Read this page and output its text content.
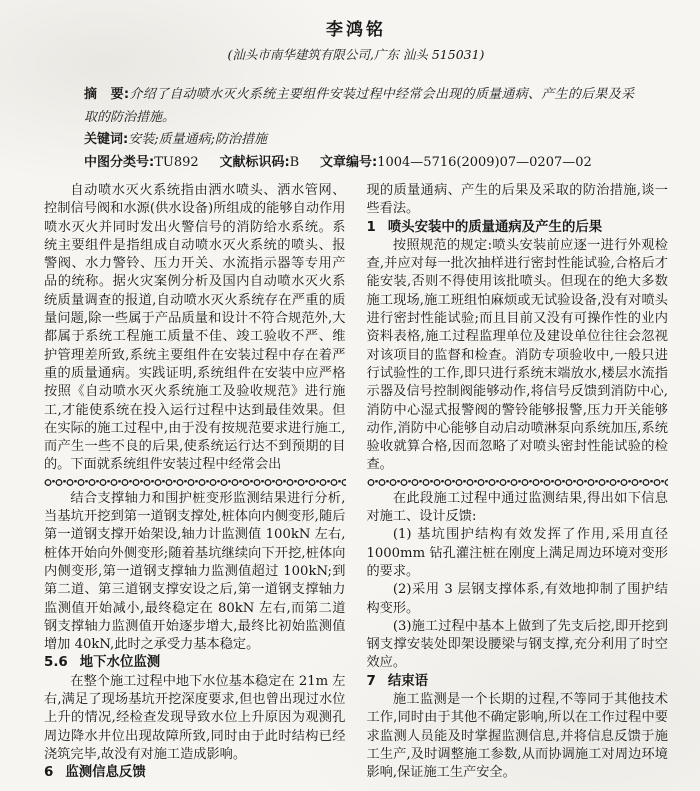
李鸿铭
(汕头市南华建筑有限公司,广东 汕头 515031)
摘　要:介绍了自动喷水灭火系统主要组件安装过程中经常会出现的质量通病、产生的后果及采取的防治措施。
关键词:安装;质量通病;防治措施
中图分类号:TU892 文献标识码:B 文章编号:1004—5716(2009)07—0207—02

自动喷水灭火系统指由洒水喷头、洒水管网、控制信号阀和水源(供水设备)所组成的能够自动作用喷水灭火并同时发出火警信号的消防给水系统。系统主要组件是指组成自动喷水灭火系统的喷头、报警阀、水力警铃、压力开关、水流指示器等专用产品的统称。据火灾案例分析及国内自动喷水灭火系统质量调查的报道,自动喷水灭火系统存在严重的质量问题,除一些属于产品质量和设计不符合规范外,大都属于系统工程施工质量不佳、竣工验收不严、维护管理差所致,系统主要组件在安装过程中存在着严重的质量通病。实践证明,系统组件在安装中应严格按照《自动喷水灭火系统施工及验收规范》进行施工,才能使系统在投入运行过程中达到最佳效果。但在实际的施工过程中,由于没有按规范要求进行施工,而产生一些不良的后果,使系统运行达不到预期的目的。下面就系统组件安装过程中经常会出

结合支撑轴力和围护桩变形监测结果进行分析,当基坑开挖到第一道钢支撑处,桩体向内侧变形,随后第一道钢支撑开始架设,轴力计监测值 100kN 左右,桩体开始向外侧变形;随着基坑继续向下开挖,桩体向内侧变形,第一道钢支撑轴力监测值超过 100kN;到第二道、第三道钢支撑安设之后,第一道钢支撑轴力监测值开始减小,最终稳定在 80kN 左右,而第二道钢支撑轴力监测值开始逐步增大,最终比初始监测值增加 40kN,此时之承受力基本稳定。

5.6 地下水位监测

在整个施工过程中地下水位基本稳定在 21m 左右,满足了现场基坑开挖深度要求,但也曾出现过水位上升的情况,经检查发现导致水位上升原因为观测孔周边降水井位出现故障所致,同时由于此时结构已经浇筑完毕,故没有对施工造成影响。

6 监测信息反馈

现的质量通病、产生的后果及采取的防治措施,谈一些看法。

1 喷头安装中的质量通病及产生的后果

按照规范的规定:喷头安装前应逐一进行外观检查,并应对每一批次抽样进行密封性能试验,合格后才能安装,否则不得使用该批喷头。但现在的绝大多数施工现场,施工班组怕麻烦或无试验设备,没有对喷头进行密封性能试验;而且目前又没有可操作性的业内资料表格,施工过程监理单位及建设单位往往会忽视对该项目的监督和检查。消防专项验收中,一般只进行试验性的工作,即只进行系统末端放水,楼层水流指示器及信号控制阀能够动作,将信号反馈到消防中心,消防中心湿式报警阀的警铃能够报警,压力开关能够动作,消防中心能够自动启动喷淋泵向系统加压,系统验收就算合格,因而忽略了对喷头密封性能试验的检查。

在此段施工过程中通过监测结果,得出如下信息对施工、设计反馈:

(1) 基坑围护结构有效发挥了作用,采用直径 1000mm 钻孔灌注桩在刚度上满足周边环境对变形的要求。

(2)采用 3 层钢支撑体系,有效地抑制了围护结构变形。

(3)施工过程中基本上做到了先支后挖,即开挖到钢支撑安装处即架设腰梁与钢支撑,充分利用了时空效应。

7 结束语

施工监测是一个长期的过程,不等同于其他技术工作,同时由于其他不确定影响,所以在工作过程中要求监测人员能及时掌握监测信息,并将信息反馈于施工生产,及时调整施工参数,从而协调施工对周边环境影响,保证施工生产安全。
